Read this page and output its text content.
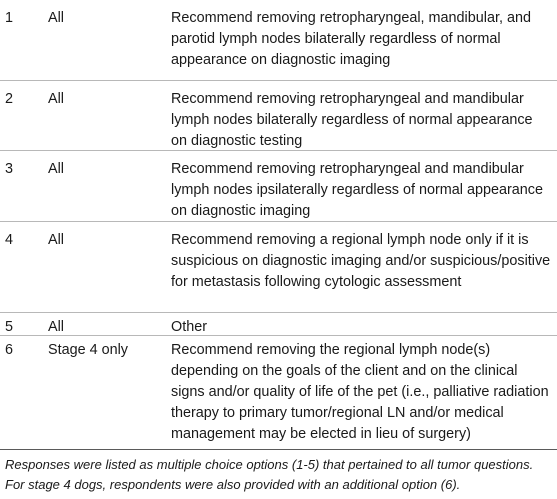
1 All	Recommend removing retropharyngeal, mandibular, and parotid lymph nodes bilaterally regardless of normal appearance on diagnostic imaging
2 All	Recommend removing retropharyngeal and mandibular lymph nodes bilaterally regardless of normal appearance on diagnostic testing
3 All	Recommend removing retropharyngeal and mandibular lymph nodes ipsilaterally regardless of normal appearance on diagnostic imaging
4 All	Recommend removing a regional lymph node only if it is suspicious on diagnostic imaging and/or suspicious/positive for metastasis following cytologic assessment
5 All	Other
6 Stage 4 only	Recommend removing the regional lymph node(s) depending on the goals of the client and on the clinical signs and/or quality of life of the pet (i.e., palliative radiation therapy to primary tumor/regional LN and/or medical management may be elected in lieu of surgery)
Responses were listed as multiple choice options (1-5) that pertained to all tumor questions. For stage 4 dogs, respondents were also provided with an additional option (6).
